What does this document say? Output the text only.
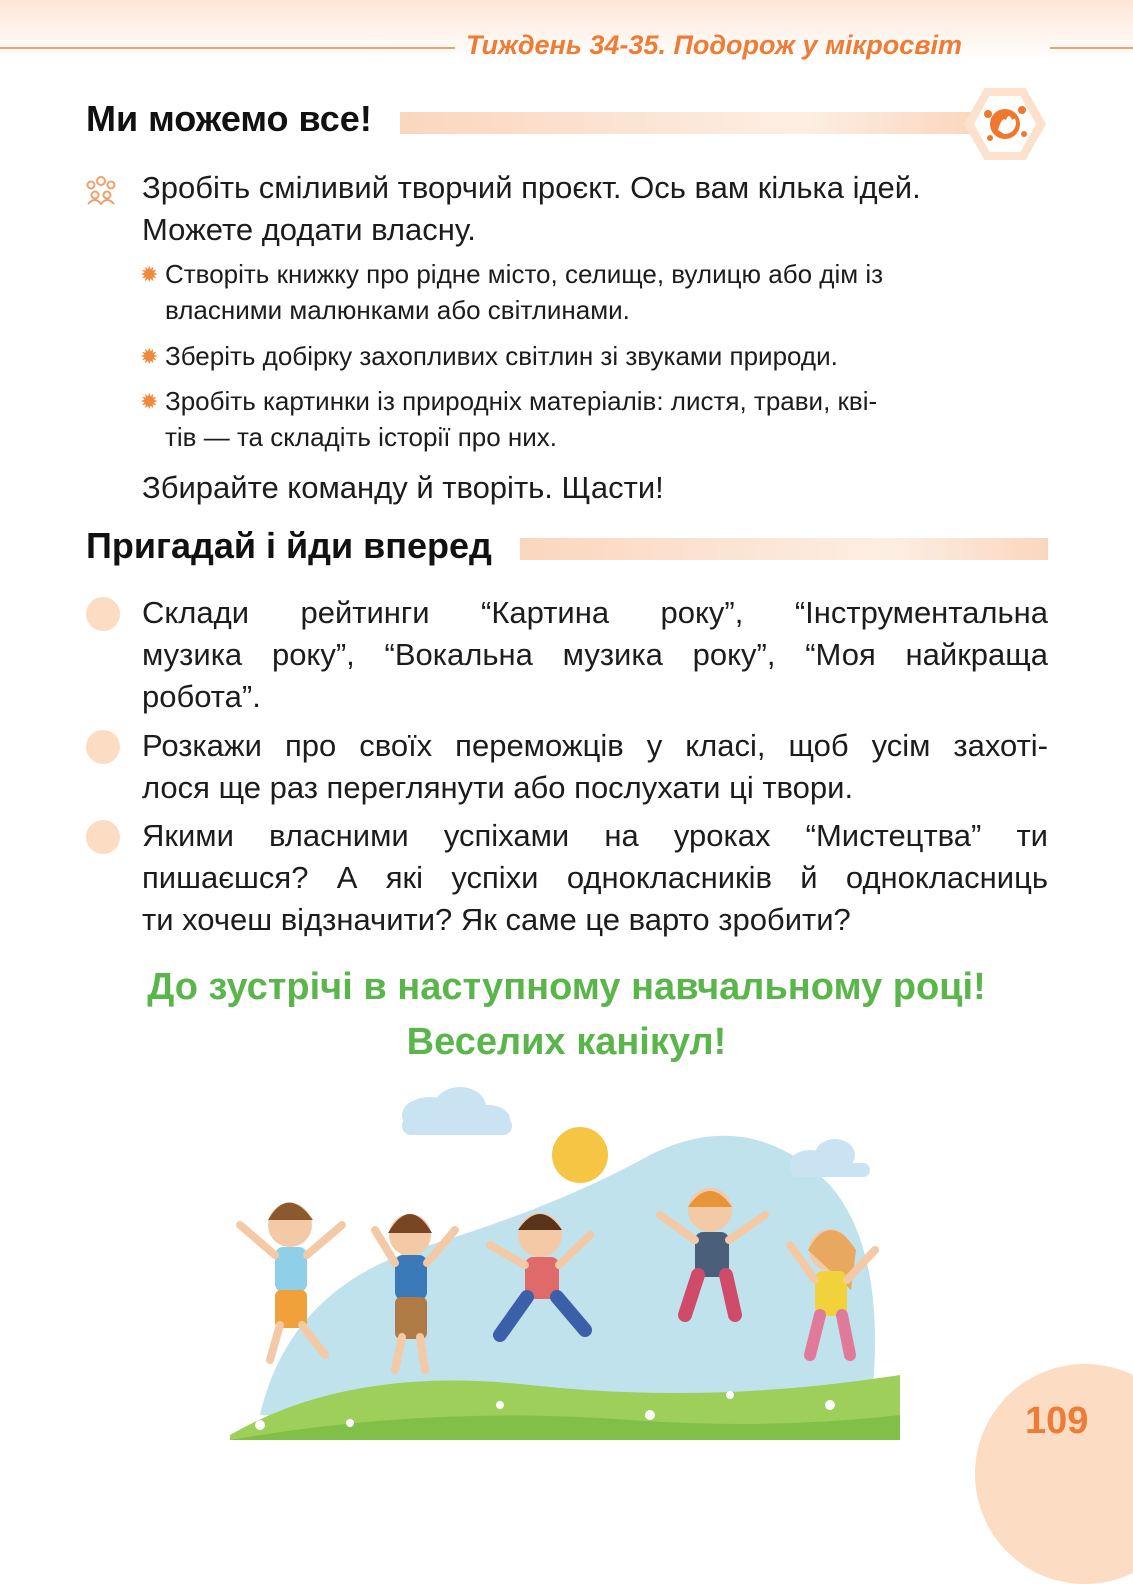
Тиждень 34-35. Подорож у мікросвіт
Ми можемо все!
Зробіть сміливий творчий проєкт. Ось вам кілька ідей.
Можете додати власну.
✹ Створіть книжку про рідне місто, селище, вулицю або дім із
власними малюнками або світлинами.
✹ Зберіть добірку захопливих світлин зі звуками природи.
✹ Зробіть картинки із природніх матеріалів: листя, трави, кві-
тів — та складіть історії про них.
Збирайте команду й творіть. Щасти!
Пригадай і йди вперед
Склади рейтинги “Картина року”, “Інструментальна
музика року”, “Вокальна музика року”, “Моя найкраща
робота”.
Розкажи про своїх переможців у класі, щоб усім захоті-
лося ще раз переглянути або послухати ці твори.
Якими власними успіхами на уроках “Мистецтва” ти
пишаєшся? А які успіхи однокласників й однокласниць
ти хочеш відзначити? Як саме це варто зробити?
До зустрічі в наступному навчальному році!
Веселих канікул!
109
